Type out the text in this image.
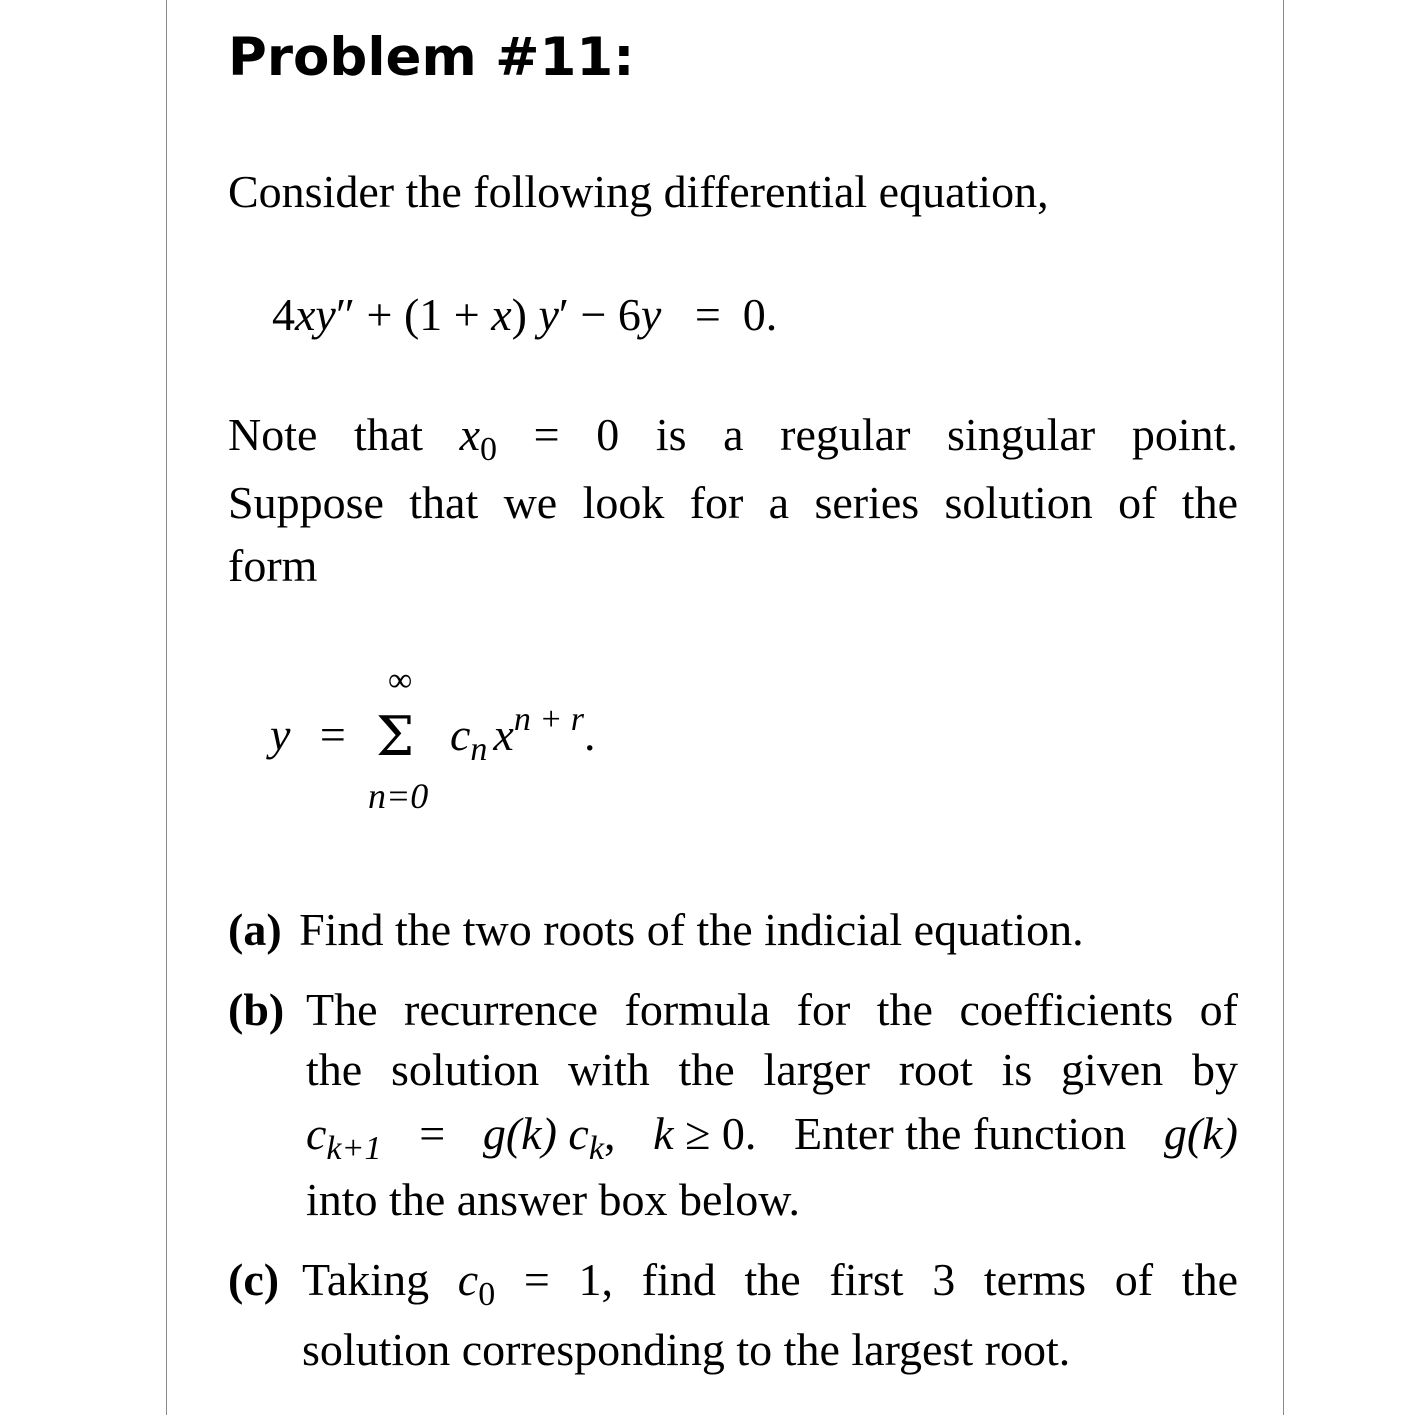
Problem #11:
Consider the following differential equation,
4xy″ + (1 + x) y′ − 6y = 0.
Note that $x_0 = 0$ is a regular singular point.
Suppose that we look for a series solution of the
form
y =
∞
Σ
n=0
$c_n$ $x^{n + r}$.
(a) Find the two roots of the indicial equation.
(b) The recurrence formula for the coefficients of
the solution with the larger root is given by
$c_{k+1} = g(k)$ $c_k$, k ≥ 0. Enter the function g(k)
into the answer box below.
(c) Taking $c_0 = 1$, find the first 3 terms of the
solution corresponding to the largest root.
